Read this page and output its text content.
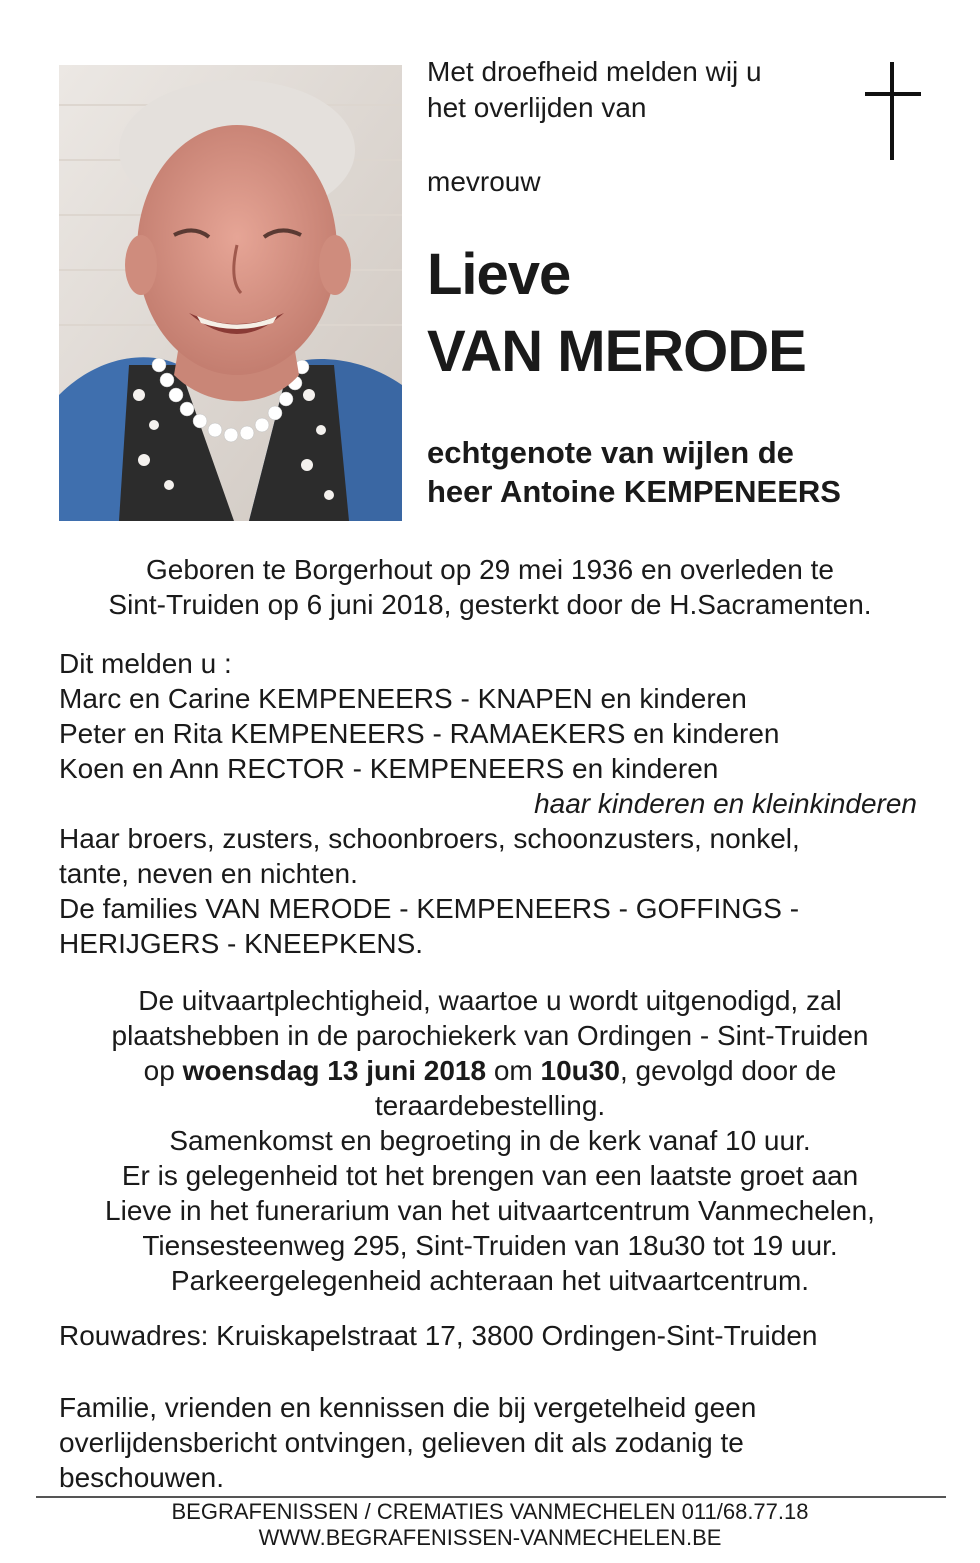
Met droefheid melden wij u
het overlijden van
mevrouw
Lieve
VAN MERODE
echtgenote van wijlen de
heer Antoine KEMPENEERS
Geboren te Borgerhout op 29 mei 1936 en overleden te
Sint-Truiden op 6 juni 2018, gesterkt door de H.Sacramenten.
Dit melden u :
Marc en Carine KEMPENEERS - KNAPEN en kinderen
Peter en Rita KEMPENEERS - RAMAEKERS en kinderen
Koen en Ann RECTOR - KEMPENEERS en kinderen
haar kinderen en kleinkinderen
Haar broers, zusters, schoonbroers, schoonzusters, nonkel,
tante, neven en nichten.
De families VAN MERODE - KEMPENEERS - GOFFINGS -
HERIJGERS - KNEEPKENS.
De uitvaartplechtigheid, waartoe u wordt uitgenodigd, zal
plaatshebben in de parochiekerk van Ordingen - Sint-Truiden
op woensdag 13 juni 2018 om 10u30, gevolgd door de
teraardebestelling.
Samenkomst en begroeting in de kerk vanaf 10 uur.
Er is gelegenheid tot het brengen van een laatste groet aan
Lieve in het funerarium van het uitvaartcentrum Vanmechelen,
Tiensesteenweg 295, Sint-Truiden van 18u30 tot 19 uur.
Parkeergelegenheid achteraan het uitvaartcentrum.
Rouwadres: Kruiskapelstraat 17, 3800 Ordingen-Sint-Truiden
Familie, vrienden en kennissen die bij vergetelheid geen
overlijdensbericht ontvingen, gelieven dit als zodanig te
beschouwen.
BEGRAFENISSEN / CREMATIES VANMECHELEN 011/68.77.18
WWW.BEGRAFENISSEN-VANMECHELEN.BE
